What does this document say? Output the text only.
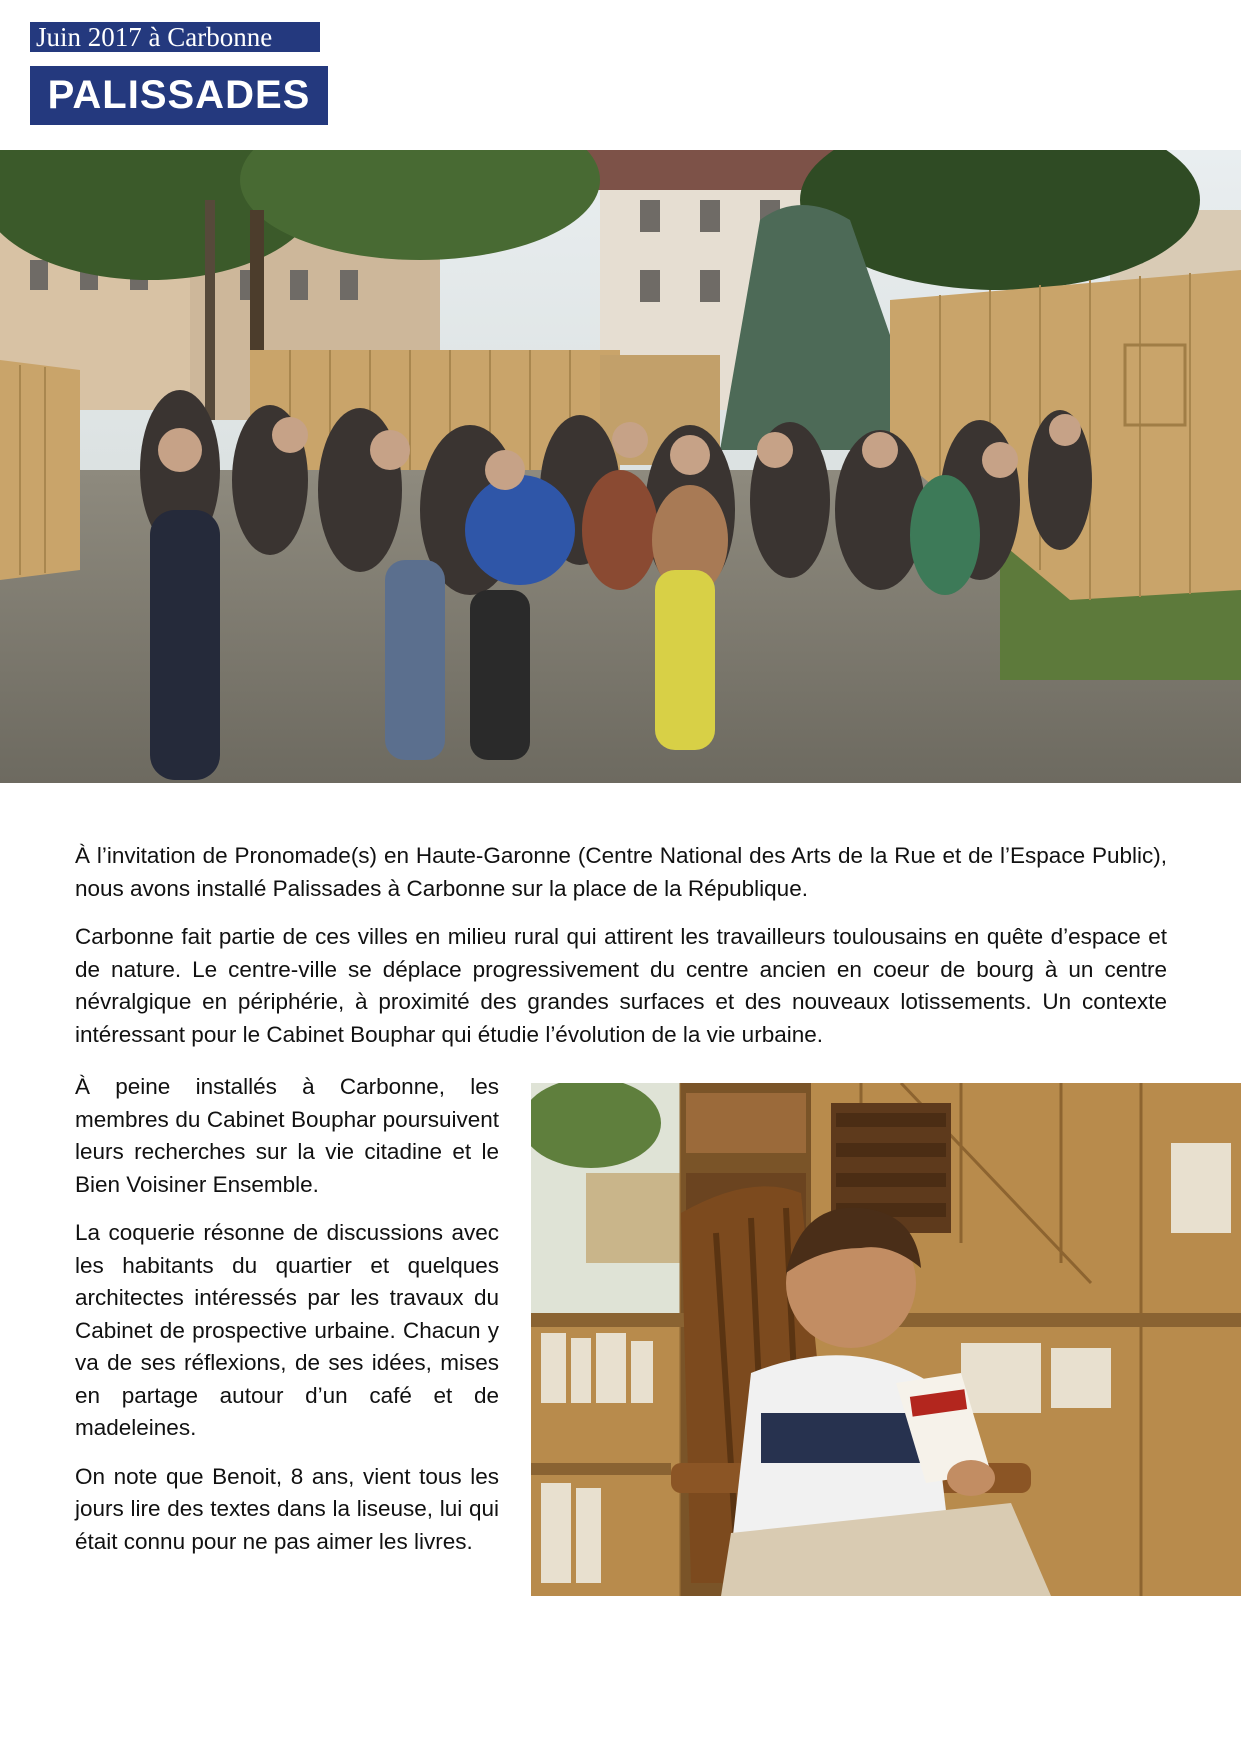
Juin 2017 à Carbonne
PALISSADES

À l’invitation de Pronomade(s) en Haute-Garonne (Centre National des Arts de la Rue et de l’Espace Public), nous avons installé Palissades à Carbonne sur la place de la République.

Carbonne fait partie de ces villes en milieu rural qui attirent les travailleurs toulousains en quête d’espace et de nature. Le centre-ville se déplace progressivement du centre ancien en coeur de bourg à un centre névralgique en périphérie, à proximité des grandes surfaces et des nouveaux lotissements. Un contexte intéressant pour le Cabinet Bouphar qui étudie l’évolution de la vie urbaine.

À peine installés à Carbonne, les membres du Cabinet Bouphar poursuivent leurs recherches sur la vie citadine et le Bien Voisiner Ensemble.

La coquerie résonne de discussions avec les habitants du quartier et quelques architectes intéressés par les travaux du Cabinet de prospective urbaine. Chacun y va de ses réflexions, de ses idées, mises en partage autour d’un café et de madeleines.

On note que Benoit, 8 ans, vient tous les jours lire des textes dans la liseuse, lui qui était connu pour ne pas aimer les livres.
